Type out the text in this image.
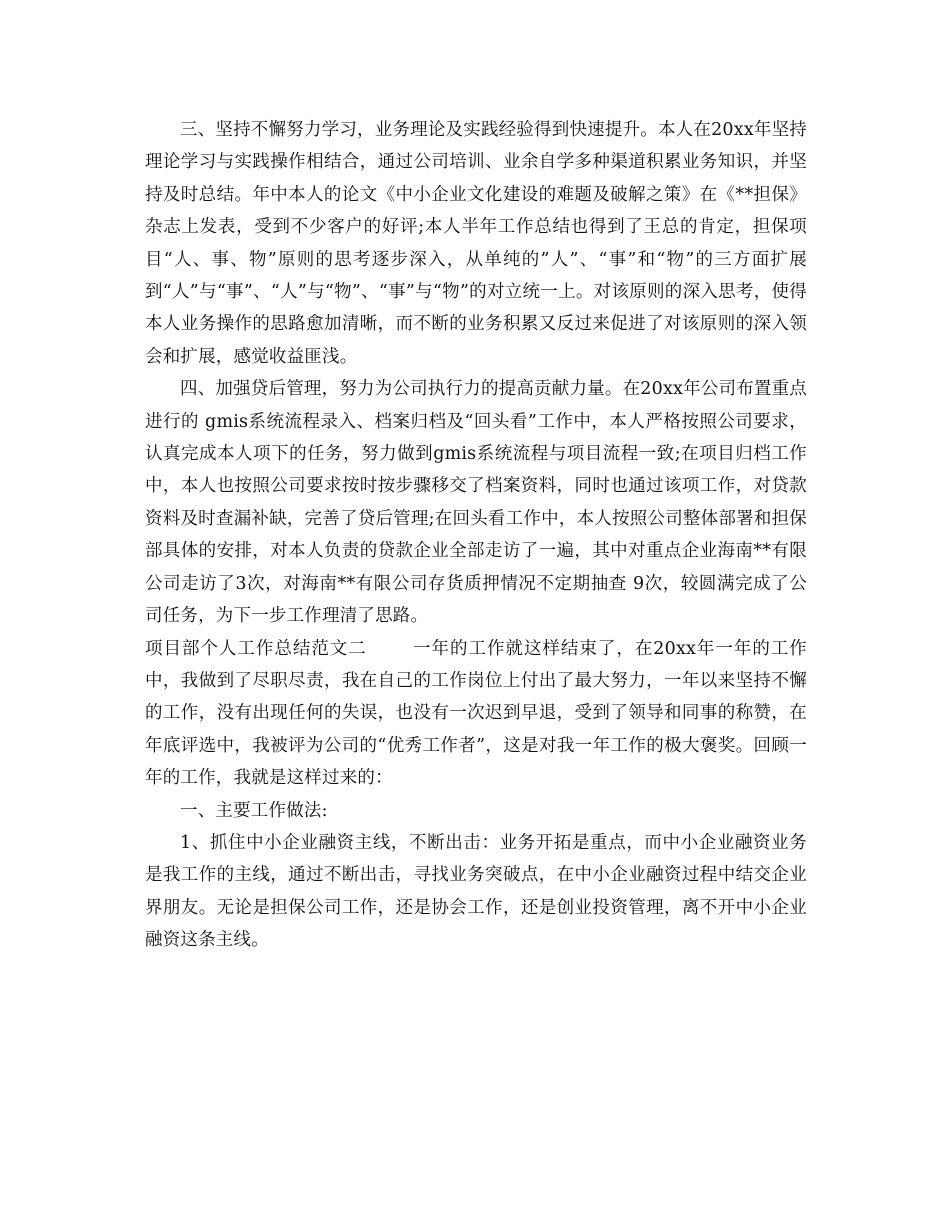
三、坚持不懈努力学习，业务理论及实践经验得到快速提升。本人在20xx年坚持理论学习与实践操作相结合，通过公司培训、业余自学多种渠道积累业务知识，并坚持及时总结。年中本人的论文《中小企业文化建设的难题及破解之策》在《**担保》杂志上发表，受到不少客户的好评;本人半年工作总结也得到了王总的肯定，担保项目“人、事、物”原则的思考逐步深入，从单纯的”人”、“事”和“物”的三方面扩展到“人”与“事”、“人”与“物”、“事”与“物”的对立统一上。对该原则的深入思考，使得本人业务操作的思路愈加清晰，而不断的业务积累又反过来促进了对该原则的深入领会和扩展，感觉收益匪浅。

四、加强贷后管理，努力为公司执行力的提高贡献力量。在20xx年公司布置重点进行的 gmis系统流程录入、档案归档及“回头看”工作中，本人严格按照公司要求，认真完成本人项下的任务，努力做到gmis系统流程与项目流程一致;在项目归档工作中，本人也按照公司要求按时按步骤移交了档案资料，同时也通过该项工作，对贷款资料及时查漏补缺，完善了贷后管理;在回头看工作中，本人按照公司整体部署和担保部具体的安排，对本人负责的贷款企业全部走访了一遍，其中对重点企业海南**有限公司走访了3次，对海南**有限公司存货质押情况不定期抽查 9次，较圆满完成了公司任务，为下一步工作理清了思路。

项目部个人工作总结范文二	一年的工作就这样结束了，在20xx年一年的工作中，我做到了尽职尽责，我在自己的工作岗位上付出了最大努力，一年以来坚持不懈的工作，没有出现任何的失误，也没有一次迟到早退，受到了领导和同事的称赞，在年底评选中，我被评为公司的“优秀工作者”，这是对我一年工作的极大褒奖。回顾一年的工作，我就是这样过来的：

一、主要工作做法:

1、抓住中小企业融资主线，不断出击：业务开拓是重点，而中小企业融资业务是我工作的主线，通过不断出击，寻找业务突破点，在中小企业融资过程中结交企业界朋友。无论是担保公司工作，还是协会工作，还是创业投资管理，离不开中小企业融资这条主线。
